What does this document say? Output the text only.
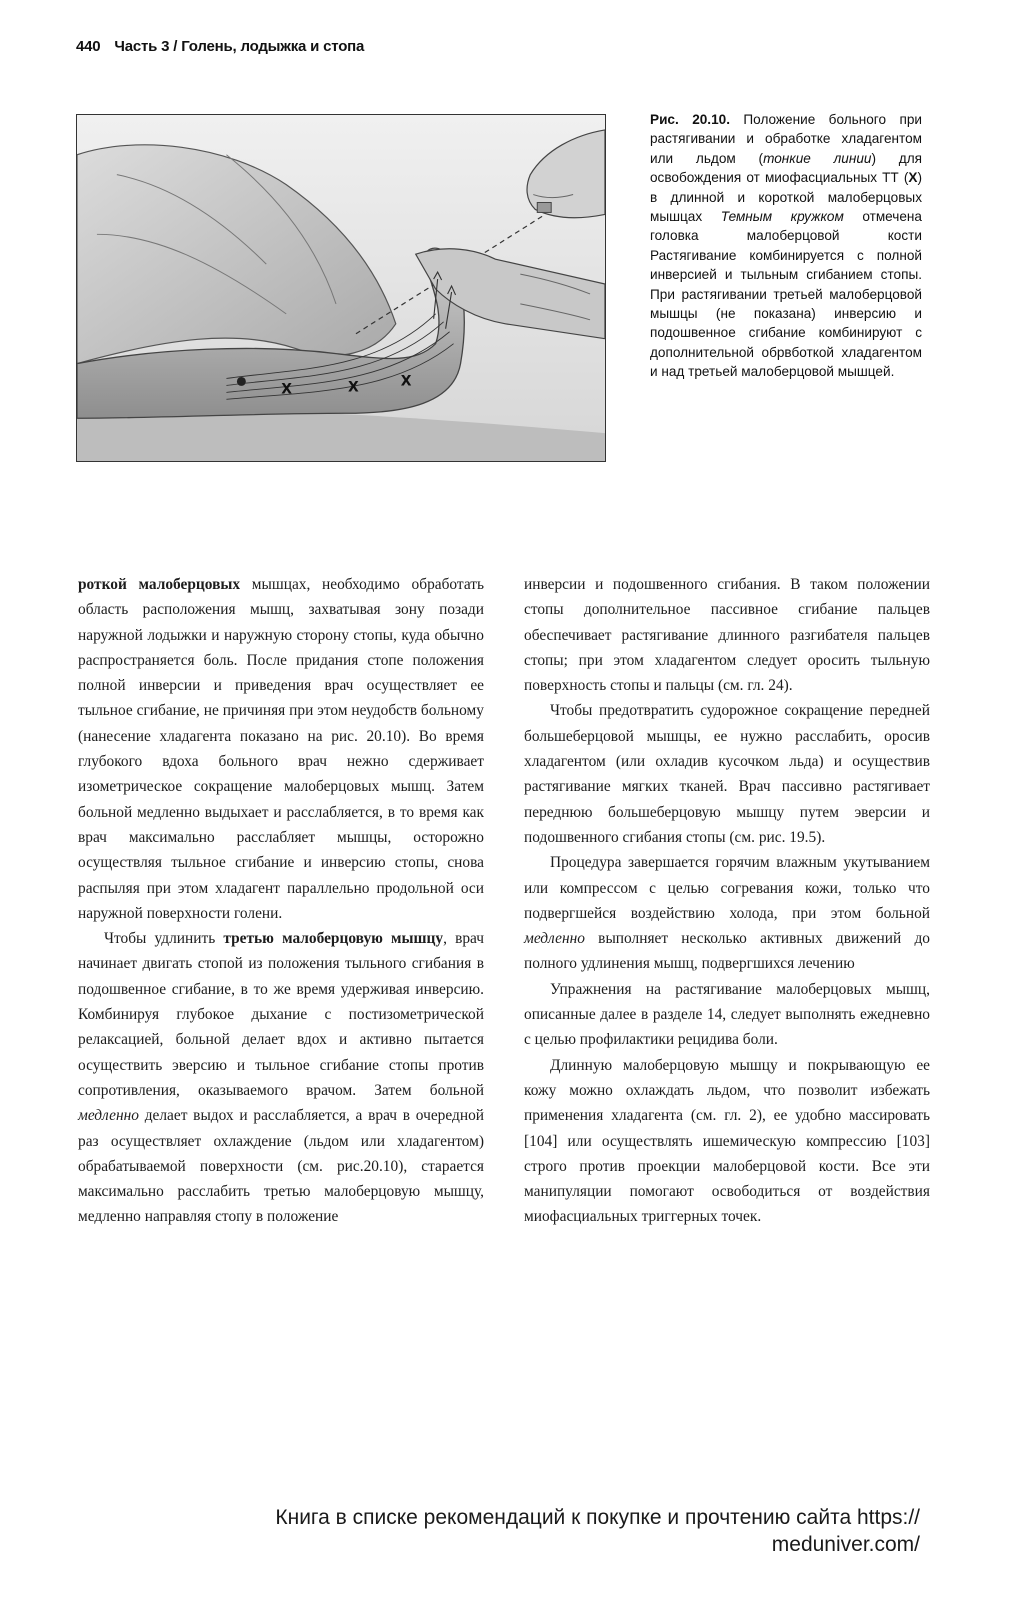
440 Часть 3 / Голень, лодыжка и стопа
X	X	X
Рис. 20.10. Положение больного при растягивании и обработке хладагентом или льдом (тонкие линии) для освобождения от миофасциальных ТТ (X) в длинной и короткой малоберцовых мышцах Темным кружком отмечена головка малоберцовой кости Растягивание комбинируется с полной инверсией и тыльным сгибанием стопы. При растягивании третьей малоберцовой мышцы (не показана) инверсию и подошвенное сгибание комбинируют с дополнительной обрвботкой хладагентом и над третьей малоберцовой мышцей.

роткой малоберцовых мышцах, необходимо обработать область расположения мышц, захватывая зону позади наружной лодыжки и наружную сторону стопы, куда обычно распространяется боль. После придания стопе положения полной инверсии и приведения врач осуществляет ее тыльное сгибание, не причиняя при этом неудобств больному (нанесение хладагента показано на рис. 20.10). Во время глубокого вдоха больного врач нежно сдерживает изометрическое сокращение малоберцовых мышц. Затем больной медленно выдыхает и расслабляется, в то время как врач максимально расслабляет мышцы, осторожно осуществляя тыльное сгибание и инверсию стопы, снова распыляя при этом хладагент параллельно продольной оси наружной поверхности голени.

Чтобы удлинить третью малоберцовую мышцу, врач начинает двигать стопой из положения тыльного сгибания в подошвенное сгибание, в то же время удерживая инверсию. Комбинируя глубокое дыхание с постизометрической релаксацией, больной делает вдох и активно пытается осуществить эверсию и тыльное сгибание стопы против сопротивления, оказываемого врачом. Затем больной медленно делает выдох и расслабляется, а врач в очередной раз осуществляет охлаждение (льдом или хладагентом) обрабатываемой поверхности (см. рис.20.10), старается максимально расслабить третью малоберцовую мышцу, медленно направляя стопу в положение

инверсии и подошвенного сгибания. В таком положении стопы дополнительное пассивное сгибание пальцев обеспечивает растягивание длинного разгибателя пальцев стопы; при этом хладагентом следует оросить тыльную поверхность стопы и пальцы (см. гл. 24).

Чтобы предотвратить судорожное сокращение передней большеберцовой мышцы, ее нужно расслабить, оросив хладагентом (или охладив кусочком льда) и осуществив растягивание мягких тканей. Врач пассивно растягивает переднюю большеберцовую мышцу путем эверсии и подошвенного сгибания стопы (см. рис. 19.5).

Процедура завершается горячим влажным укутыванием или компрессом с целью согревания кожи, только что подвергшейся воздействию холода, при этом больной медленно выполняет несколько активных движений до полного удлинения мышц, подвергшихся лечению

Упражнения на растягивание малоберцовых мышц, описанные далее в разделе 14, следует выполнять ежедневно с целью профилактики рецидива боли.

Длинную малоберцовую мышцу и покрывающую ее кожу можно охлаждать льдом, что позволит избежать применения хладагента (см. гл. 2), ее удобно массировать [104] или осуществлять ишемическую компрессию [103] строго против проекции малоберцовой кости. Все эти манипуляции помогают освободиться от воздействия миофасциальных триггерных точек.

Книга в списке рекомендаций к покупке и прочтению сайта https://
meduniver.com/
